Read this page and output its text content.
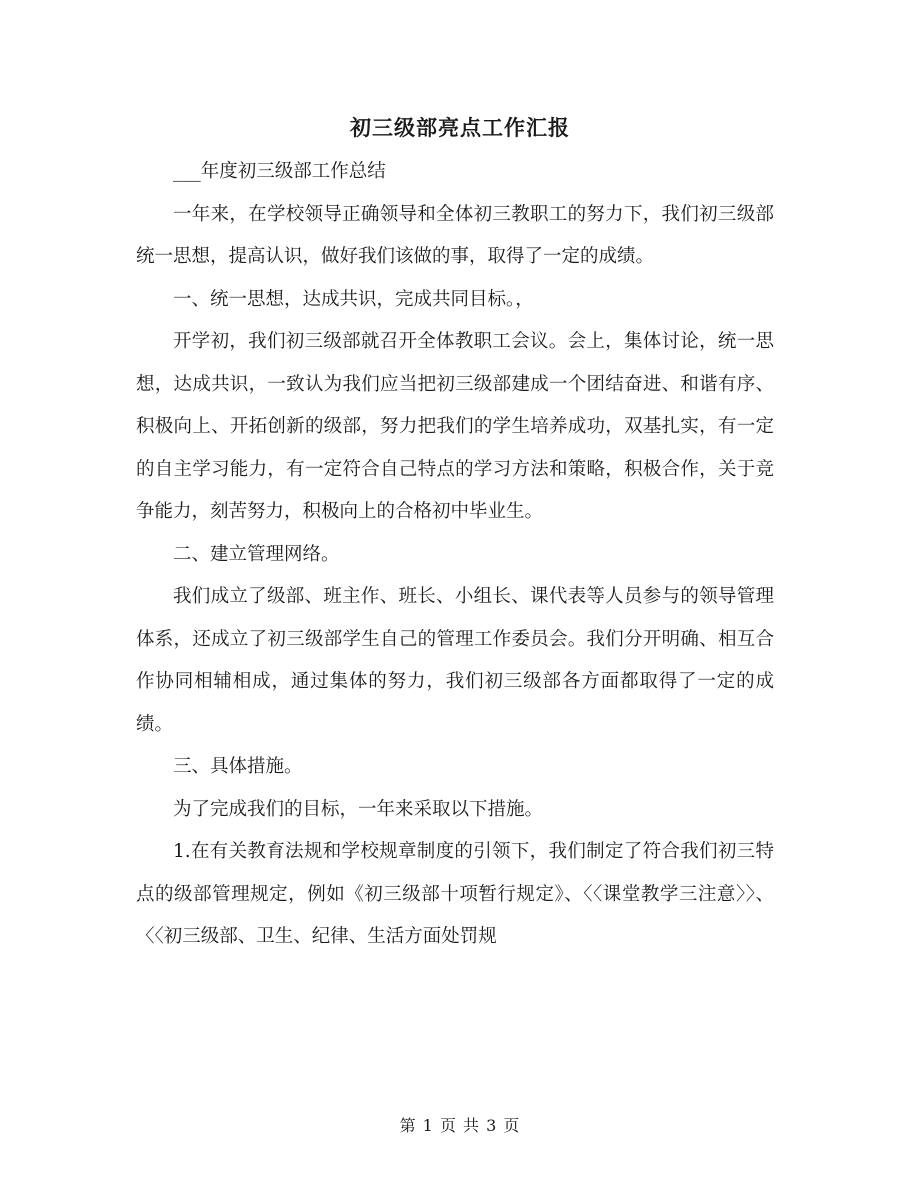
初三级部亮点工作汇报

___年度初三级部工作总结

一年来，在学校领导正确领导和全体初三教职工的努力下，我们初三级部统一思想，提高认识，做好我们该做的事，取得了一定的成绩。

一、统一思想，达成共识，完成共同目标。，

开学初，我们初三级部就召开全体教职工会议。会上，集体讨论，统一思想，达成共识，一致认为我们应当把初三级部建成一个团结奋进、和谐有序、积极向上、开拓创新的级部，努力把我们的学生培养成功，双基扎实，有一定的自主学习能力，有一定符合自己特点的学习方法和策略，积极合作，关于竞争能力，刻苦努力，积极向上的合格初中毕业生。

二、建立管理网络。

我们成立了级部、班主作、班长、小组长、课代表等人员参与的领导管理体系，还成立了初三级部学生自己的管理工作委员会。我们分开明确、相互合作协同相辅相成，通过集体的努力，我们初三级部各方面都取得了一定的成绩。

三、具体措施。

为了完成我们的目标，一年来采取以下措施。

1.在有关教育法规和学校规章制度的引领下，我们制定了符合我们初三特点的级部管理规定，例如《初三级部十项暂行规定》、〈〈课堂教学三注意〉〉、〈〈初三级部、卫生、纪律、生活方面处罚规

第 1 页 共 3 页
